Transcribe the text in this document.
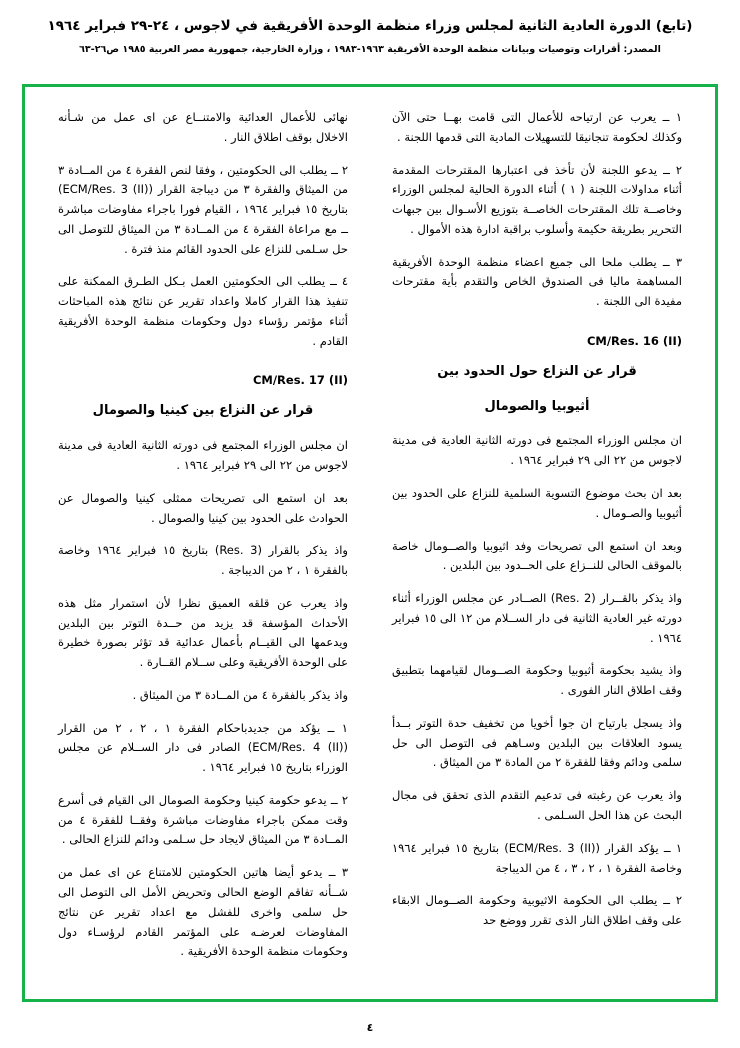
(تابع) الدورة العادية الثانية لمجلس وزراء منظمة الوحدة الأفريقية في لاجوس ، ٢٤-٢٩ فبراير ١٩٦٤
المصدر: أقرارات وتوصيات وبيانات منظمة الوحدة الأفريقية ١٩٦٣-١٩٨٣ ، وزارة الخارجية، جمهورية مصر العربية ١٩٨٥ ص٢٦-٦٣

١ ــ يعرب عن ارتياحه للأعمال التى قامت بهــا حتى الآن وكذلك لحكومة تنجانيقا للتسهيلات المادية التى قدمها اللجنة .

٢ ــ يدعو اللجنة لأن تأخذ فى اعتبارها المقترحات المقدمة أثناء مداولات اللجنة ( ١ ) أثناء الدورة الحالية لمجلس الوزراء وخاصــة تلك المقترحات الخاصــة بتوزيع الأسـوال بين جبهات التحرير بطريقة حكيمة وأسلوب براقبة ادارة هذه الأموال .

٣ ــ يطلب ملحا الى جميع اعضاء منظمة الوحدة الأفريقية المساهمة ماليا فى الصندوق الخاص والتقدم بأية مقترحات مفيدة الى اللجنة .

CM/Res. 16 (II)
قرار عن النزاع حول الحدود بين
أثيوبيا والصومال

ان مجلس الوزراء المجتمع فى دورته الثانية العادية فى مدينة لاجوس من ٢٢ الى ٢٩ فبراير ١٩٦٤ .

بعد ان بحث موضوع التسوية السلمية للنزاع على الحدود بين أثيوبيا والصـومال .

وبعد ان استمع الى تصريحات وفد اثيوبيا والصــومال خاصة بالموقف الحالى للنــزاع على الحــدود بين البلدين .

واذ يذكر بالقــرار (Res. 2) الصــادر عن مجلس الوزراء أثناء دورته غير العادية الثانية فى دار الســلام من ١٢ الى ١٥ فبراير ١٩٦٤ .

واذ يشيد بحكومة أثيوبيا وحكومة الصــومال لقيامهما بتطبيق وقف اطلاق النار الفورى .

واذ يسجل بارتياح ان جوا أخويا من تخفيف حدة التوتر بــدأ يسود العلاقات بين البلدين وسـاهم فى التوصل الى حل سلمى ودائم وفقا للفقرة ٢ من المادة ٣ من الميثاق .

واذ يعرب عن رغبته فى تدعيم التقدم الذى تحقق فى مجال البحث عن هذا الحل السـلمى .

١ ــ يؤكد القرار (ECM/Res. 3 (II)) بتاريخ ١٥ فبراير ١٩٦٤ وخاصة الفقرة ١ ، ٢ ، ٣ ، ٤ من الديباجة

٢ ــ يطلب الى الحكومة الاثيوبية وحكومة الصــومال الابقاء على وقف اطلاق النار الذى تقرر ووضع حد

نهائى للأعمال العدائية والامتنــاع عن اى عمل من شـأنه الاخلال بوقف اطلاق النار .

٢ ــ يطلب الى الحكومتين ، وفقا لنص الفقرة ٤ من المــادة ٣ من الميثاق والفقرة ٣ من ديباجة القرار (ECM/Res. 3 (II)) بتاريخ ١٥ فبراير ١٩٦٤ ، القيام فورا باجراء مفاوضات مباشرة ــ مع مراعاة الفقرة ٤ من المــادة ٣ من الميثاق للتوصل الى حل سـلمى للنزاع على الحدود القائم منذ فترة .

٤ ــ يطلب الى الحكومتين العمل بـكل الطـرق الممكنة على تنفيذ هذا القرار كاملا واعداد تقرير عن نتائج هذه المباحثات أثناء مؤتمر رؤساء دول وحكومات منظمة الوحدة الأفريقية القادم .

CM/Res. 17 (II)
قرار عن النزاع بين كينيا والصومال

ان مجلس الوزراء المجتمع فى دورته الثانية العادية فى مدينة لاجوس من ٢٢ الى ٢٩ فبراير ١٩٦٤ .

بعد ان استمع الى تصريحات ممثلى كينيا والصومال عن الحوادث على الحدود بين كينيا والصومال .

واذ يذكر بالقرار (Res. 3) بتاريخ ١٥ فبراير ١٩٦٤ وخاصة بالفقرة ١ ، ٢ من الديباجة .

واذ يعرب عن قلقه العميق نظرا لأن استمرار مثل هذه الأحداث المؤسفة قد يزيد من حــدة التوتر بين البلدين ويدعمها الى القيــام بأعمال عدائية قد تؤثر بصورة خطيرة على الوحدة الأفريقية وعلى ســلام القــارة .

واذ يذكر بالفقرة ٤ من المــادة ٣ من الميثاق .

١ ــ يؤكد من جديدباحكام الفقرة ١ ، ٢ ، ٢ من القرار (ECM/Res. 4 (II)) الصادر فى دار الســلام عن مجلس الوزراء بتاريخ ١٥ فبراير ١٩٦٤ .

٢ ــ يدعو حكومة كينيا وحكومة الصومال الى القيام فى أسرع وقت ممكن باجراء مفاوضات مباشرة وفقــا للفقرة ٤ من المــادة ٣ من الميثاق لايجاد حل سـلمى ودائم للنزاع الحالى .

٣ ــ يدعو أيضا هاتين الحكومتين للامتناع عن اى عمل من شــأنه تفاقم الوضع الحالى وتحريض الأمل الى التوصل الى حل سلمى واخرى للفشل مع اعداد تقرير عن نتائج المفاوضات لعرضـه على المؤتمر القادم لرؤسـاء دول وحكومات منظمة الوحدة الأفريقية .

٤
